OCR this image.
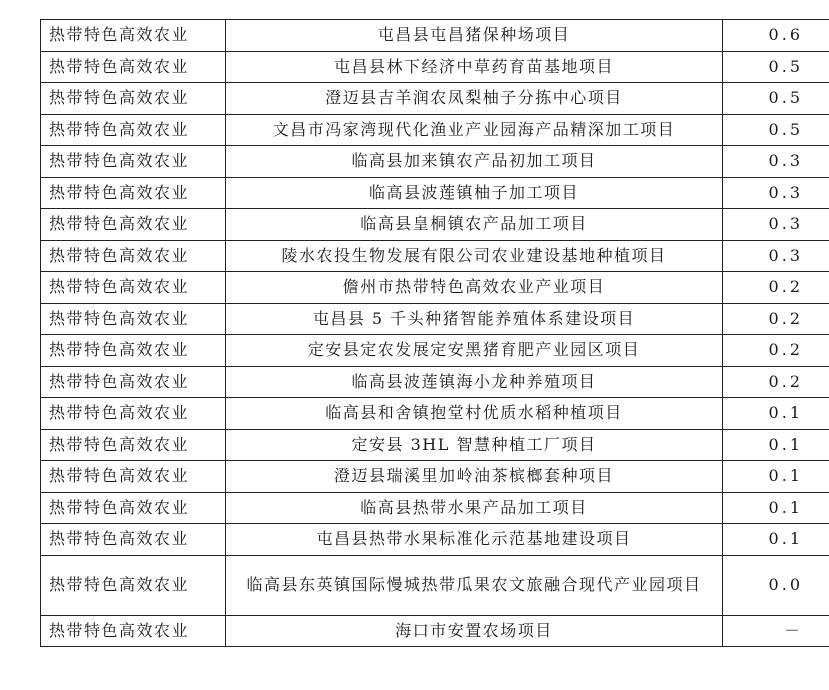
热带特色高效农业	屯昌县屯昌猪保种场项目	0.6
热带特色高效农业	屯昌县林下经济中草药育苗基地项目	0.5
热带特色高效农业	澄迈县吉羊润农凤梨柚子分拣中心项目	0.5
热带特色高效农业	文昌市冯家湾现代化渔业产业园海产品精深加工项目	0.5
热带特色高效农业	临高县加来镇农产品初加工项目	0.3
热带特色高效农业	临高县波莲镇柚子加工项目	0.3
热带特色高效农业	临高县皇桐镇农产品加工项目	0.3
热带特色高效农业	陵水农投生物发展有限公司农业建设基地种植项目	0.3
热带特色高效农业	儋州市热带特色高效农业产业项目	0.2
热带特色高效农业	屯昌县 5 千头种猪智能养殖体系建设项目	0.2
热带特色高效农业	定安县定农发展定安黑猪育肥产业园区项目	0.2
热带特色高效农业	临高县波莲镇海小龙种养殖项目	0.2
热带特色高效农业	临高县和舍镇抱堂村优质水稻种植项目	0.1
热带特色高效农业	定安县 3HL 智慧种植工厂项目	0.1
热带特色高效农业	澄迈县瑞溪里加岭油茶槟榔套种项目	0.1
热带特色高效农业	临高县热带水果产品加工项目	0.1
热带特色高效农业	屯昌县热带水果标准化示范基地建设项目	0.1
热带特色高效农业	临高县东英镇国际慢城热带瓜果农文旅融合现代产业园项目	0.0
热带特色高效农业	海口市安置农场项目	－
